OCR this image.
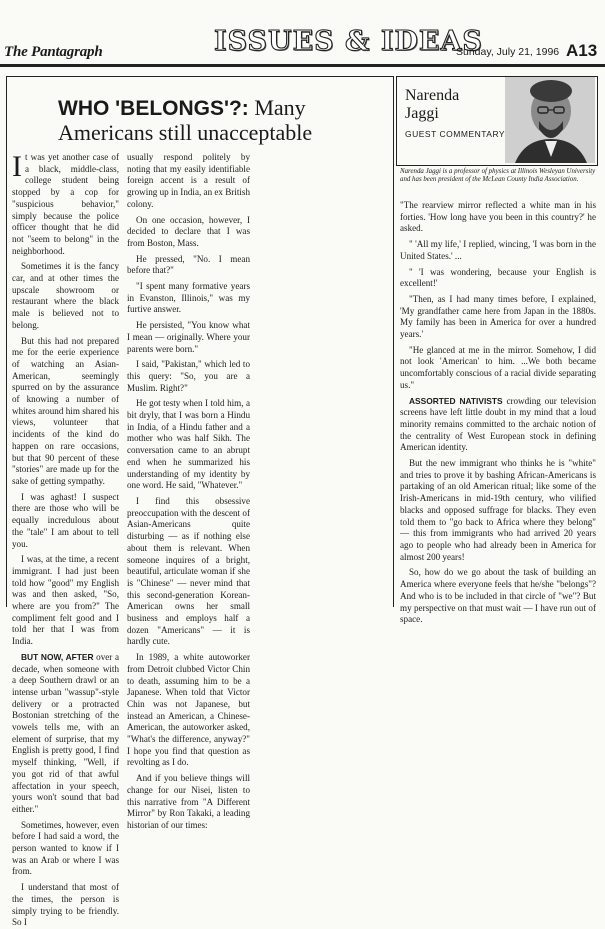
The Pantagraph	ISSUES & IDEAS
Sunday, July 21, 1996 A13
WHO 'BELONGS'?: Many Americans still unacceptable

It was yet another case of a black, middle-class, college student being stopped by a cop for "suspicious behavior," simply because the police officer thought that he did not "seem to belong" in the neighborhood.

Sometimes it is the fancy car, and at other times the upscale showroom or restaurant where the black male is believed not to belong.

But this had not prepared me for the eerie experience of watching an Asian-American, seemingly spurred on by the assurance of knowing a number of whites around him shared his views, volunteer that incidents of the kind do happen on rare occasions, but that 90 percent of these "stories" are made up for the sake of getting sympathy.

I was aghast! I suspect there are those who will be equally incredulous about the "tale" I am about to tell you.

I was, at the time, a recent immigrant. I had just been told how "good" my English was and then asked, "So, where are you from?" The compliment felt good and I told her that I was from India.

BUT NOW, AFTER over a decade, when someone with a deep Southern drawl or an intense urban "wassup"-style delivery or a protracted Bostonian stretching of the vowels tells me, with an element of surprise, that my English is pretty good, I find myself thinking, "Well, if you got rid of that awful affectation in your speech, yours won't sound that bad either."

Sometimes, however, even before I had said a word, the person wanted to know if I was an Arab or where I was from.

I understand that most of the times, the person is simply trying to be friendly. So I

usually respond politely by noting that my easily identifiable foreign accent is a result of growing up in India, an ex British colony.

On one occasion, however, I decided to declare that I was from Boston, Mass.

He pressed, "No. I mean before that?"

"I spent many formative years in Evanston, Illinois," was my furtive answer.

He persisted, "You know what I mean — originally. Where your parents were born."

I said, "Pakistan," which led to this query: "So, you are a Muslim. Right?"

He got testy when I told him, a bit dryly, that I was born a Hindu in India, of a Hindu father and a mother who was half Sikh. The conversation came to an abrupt end when he summarized his understanding of my identity by one word. He said, "Whatever."

I find this obsessive preoccupation with the descent of Asian-Americans quite disturbing — as if nothing else about them is relevant. When someone inquires of a bright, beautiful, articulate woman if she is "Chinese" — never mind that this second-generation Korean-American owns her small business and employs half a dozen "Americans" — it is hardly cute.

In 1989, a white autoworker from Detroit clubbed Victor Chin to death, assuming him to be a Japanese. When told that Victor Chin was not Japanese, but instead an American, a Chinese-American, the autoworker asked, "What's the difference, anyway?" I hope you find that question as revolting as I do.

And if you believe things will change for our Nisei, listen to this narrative from "A Different Mirror" by Ron Takaki, a leading historian of our times:

Narenda
Jaggi
GUEST COMMENTARY
Narenda Jaggi is a professor of physics at Illinois Wesleyan University and has been president of the McLean County India Association.

"The rearview mirror reflected a white man in his forties. 'How long have you been in this country?' he asked.

" 'All my life,' I replied, wincing, 'I was born in the United States.' ...

" 'I was wondering, because your English is excellent!'

"Then, as I had many times before, I explained, 'My grandfather came here from Japan in the 1880s. My family has been in America for over a hundred years.'

"He glanced at me in the mirror. Somehow, I did not look 'American' to him. ...We both became uncomfortably conscious of a racial divide separating us."

ASSORTED NATIVISTS crowding our television screens have left little doubt in my mind that a loud minority remains committed to the archaic notion of the centrality of West European stock in defining American identity.

But the new immigrant who thinks he is "white" and tries to prove it by bashing African-Americans is partaking of an old American ritual; like some of the Irish-Americans in mid-19th century, who vilified blacks and opposed suffrage for blacks. They even told them to "go back to Africa where they belong" — this from immigrants who had arrived 20 years ago to people who had already been in America for almost 200 years!

So, how do we go about the task of building an America where everyone feels that he/she "belongs"? And who is to be included in that circle of "we"? But my perspective on that must wait — I have run out of space.
